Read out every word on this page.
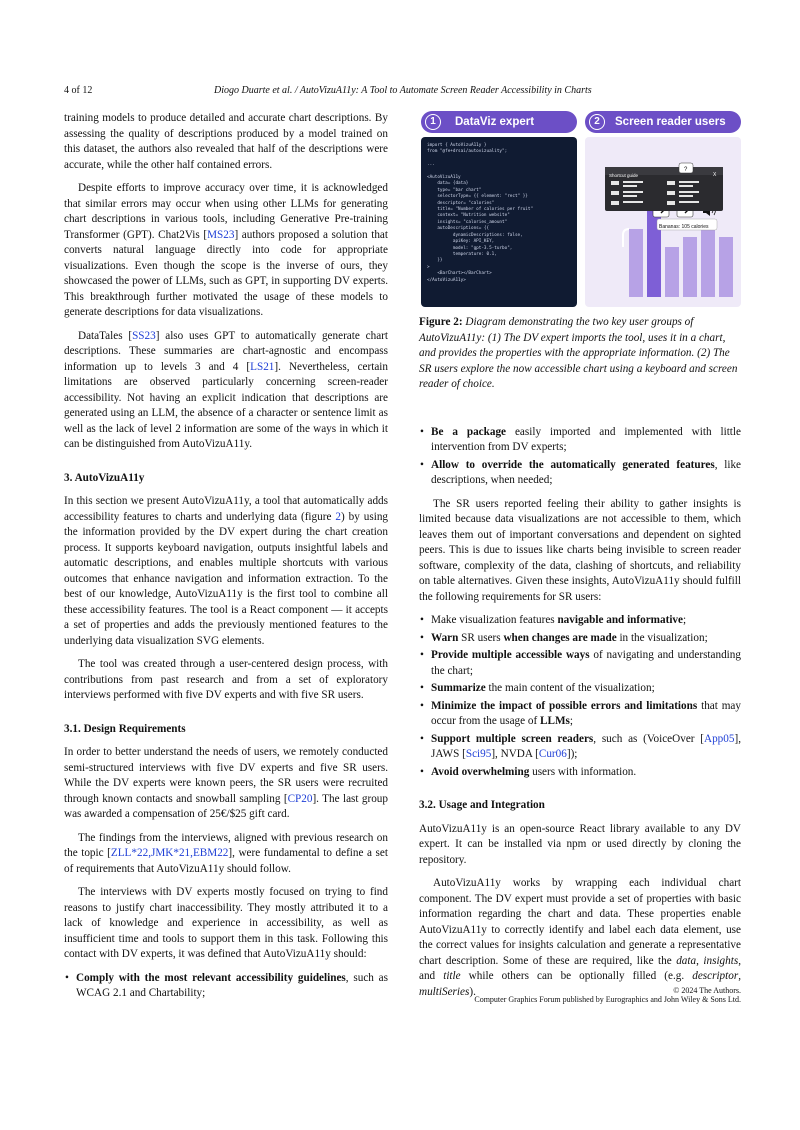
4 of 12	Diogo Duarte et al. / AutoVizuA11y: A Tool to Automate Screen Reader Accessibility in Charts

training models to produce detailed and accurate chart descriptions. By assessing the quality of descriptions produced by a model trained on this dataset, the authors also revealed that half of the descriptions were accurate, while the other half contained errors.

Despite efforts to improve accuracy over time, it is acknowledged that similar errors may occur when using other LLMs for generating chart descriptions in various tools, including Generative Pre-training Transformer (GPT). Chat2Vis [MS23] authors proposed a solution that converts natural language directly into code for appropriate visualizations. Even though the scope is the inverse of ours, they showcased the power of LLMs, such as GPT, in supporting DV experts. This breakthrough further motivated the usage of these models to generate descriptions for data visualizations.

DataTales [SS23] also uses GPT to automatically generate chart descriptions. These summaries are chart-agnostic and encompass information up to levels 3 and 4 [LS21]. Nevertheless, certain limitations are observed particularly concerning screen-reader accessibility. Not having an explicit indication that descriptions are generated using an LLM, the absence of a character or sentence limit as well as the lack of level 2 information are some of the ways in which it can be distinguished from AutoVizuA11y.

3. AutoVizuA11y

In this section we present AutoVizuA11y, a tool that automatically adds accessibility features to charts and underlying data (figure 2) by using the information provided by the DV expert during the chart creation process. It supports keyboard navigation, outputs insightful labels and automatic descriptions, and enables multiple shortcuts with various outcomes that enhance navigation and information extraction. To the best of our knowledge, AutoVizuA11y is the first tool to combine all these accessibility features. The tool is a React component — it accepts a set of properties and adds the previously mentioned features to the underlying data visualization SVG elements.

The tool was created through a user-centered design process, with contributions from past research and from a set of exploratory interviews performed with five DV experts and with five SR users.

3.1. Design Requirements

In order to better understand the needs of users, we remotely conducted semi-structured interviews with five DV experts and five SR users. While the DV experts were known peers, the SR users were recruited through known contacts and snowball sampling [CP20]. The last group was awarded a compensation of 25€/$25 gift card.

The findings from the interviews, aligned with previous research on the topic [ZLL*22,JMK*21,EBM22], were fundamental to define a set of requirements that AutoVizuA11y should follow.

The interviews with DV experts mostly focused on trying to find reasons to justify chart inaccessibility. They mostly attributed it to a lack of knowledge and experience in accessibility, as well as insufficient time and tools to support them in this task. Following this contact with DV experts, it was defined that AutoVizuA11y should:

• Comply with the most relevant accessibility guidelines, such as WCAG 2.1 and Chartability;
1	DataViz expert
import { AutoVizuA11y }
from "@fe+drsai/autovizuality";

...

<AutoVizuA11y
data= {data}
type= "bar chart"
selectorType= {{ element: "rect" }}
descriptor= "calories"
title= "Number of calories per fruit"
context= "Nutrition website"
insights= "calories_amount"
autoDescriptions= {{
dynamicDescriptions: false,
apiKey: API_KEY,
model: "gpt-3.5-turbo",
temperature: 0.1,
}}
>
<BarChart></BarChart>
</AutoVizuA11y>
2	Screen reader users
Shortcut guide	X
?
Bananas: 105 calories
Figure 2: Diagram demonstrating the two key user groups of AutoVizuA11y: (1) The DV expert imports the tool, uses it in a chart, and provides the properties with the appropriate information. (2) The SR users explore the now accessible chart using a keyboard and screen reader of choice.
• Be a package easily imported and implemented with little intervention from DV experts;
• Allow to override the automatically generated features, like descriptions, when needed;

The SR users reported feeling their ability to gather insights is limited because data visualizations are not accessible to them, which leaves them out of important conversations and dependent on sighted peers. This is due to issues like charts being invisible to screen reader software, complexity of the data, clashing of shortcuts, and reliability on table alternatives. Given these insights, AutoVizuA11y should fulfill the following requirements for SR users:

• Make visualization features navigable and informative;
• Warn SR users when changes are made in the visualization;
• Provide multiple accessible ways of navigating and understanding the chart;
• Summarize the main content of the visualization;
• Minimize the impact of possible errors and limitations that may occur from the usage of LLMs;
• Support multiple screen readers, such as (VoiceOver [App05], JAWS [Sci95], NVDA [Cur06]);
• Avoid overwhelming users with information.
3.2. Usage and Integration

AutoVizuA11y is an open-source React library available to any DV expert. It can be installed via npm or used directly by cloning the repository.

AutoVizuA11y works by wrapping each individual chart component. The DV expert must provide a set of properties with basic information regarding the chart and data. These properties enable AutoVizuA11y to correctly identify and label each data element, use the correct values for insights calculation and generate a representative chart description. Some of these are required, like the data, insights, and title while others can be optionally filled (e.g. descriptor, multiSeries).	© 2024 The Authors.
Computer Graphics Forum published by Eurographics and John Wiley & Sons Ltd.
